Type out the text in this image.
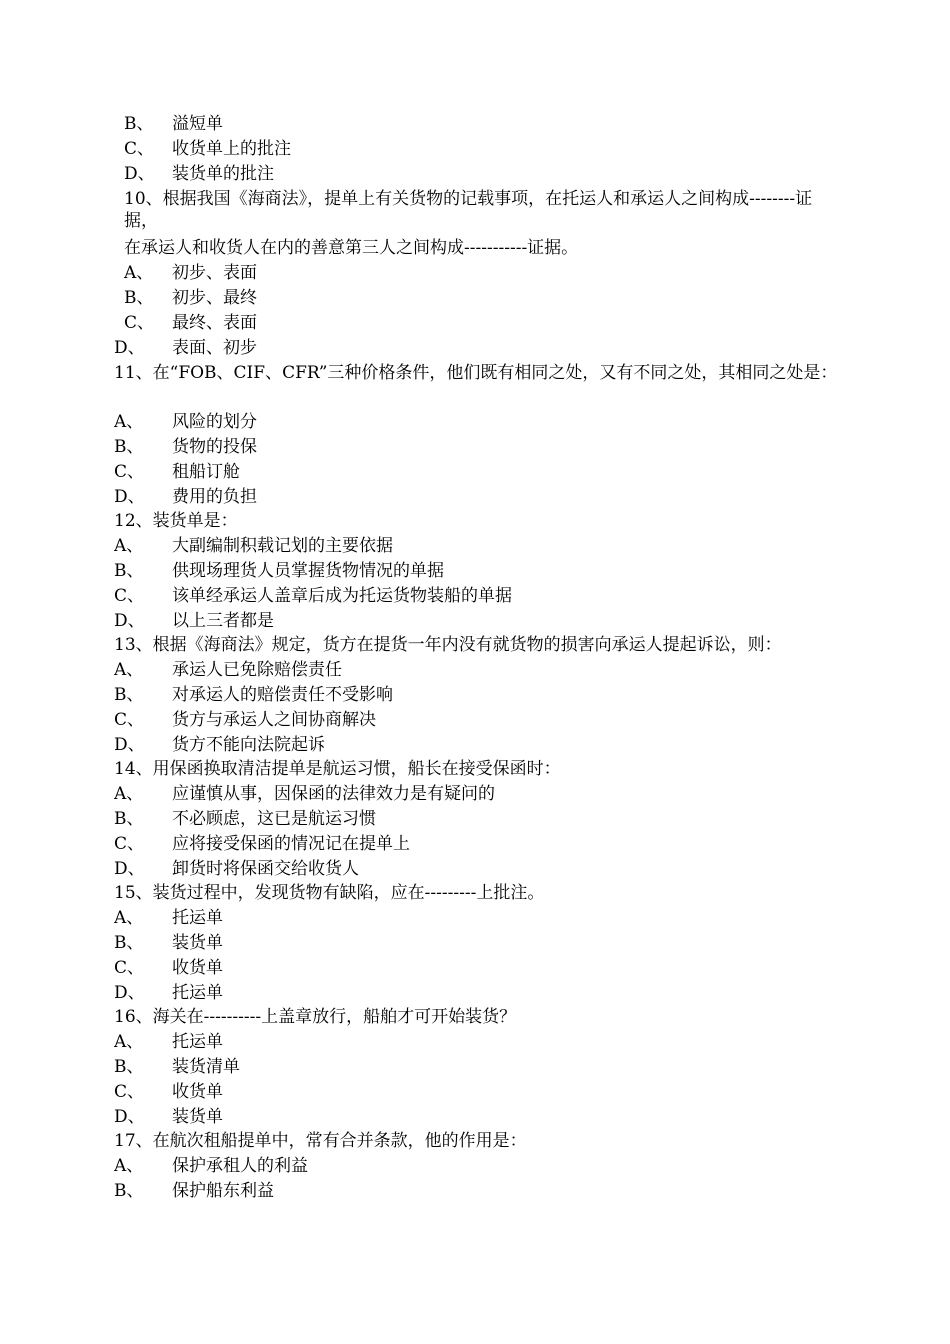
B、 溢短单
C、 收货单上的批注
D、 装货单的批注
10、根据我国《海商法》，提单上有关货物的记载事项，在托运人和承运人之间构成--------证据，
在承运人和收货人在内的善意第三人之间构成-----------证据。
A、 初步、表面
B、 初步、最终
C、 最终、表面
D、 表面、初步
11、在“FOB、CIF、CFR”三种价格条件，他们既有相同之处，又有不同之处，其相同之处是：
A、 风险的划分
B、 货物的投保
C、 租船订舱
D、 费用的负担
12、装货单是：
A、 大副编制积载记划的主要依据
B、 供现场理货人员掌握货物情况的单据
C、 该单经承运人盖章后成为托运货物装船的单据
D、 以上三者都是
13、根据《海商法》规定，货方在提货一年内没有就货物的损害向承运人提起诉讼，则：
A、 承运人已免除赔偿责任
B、 对承运人的赔偿责任不受影响
C、 货方与承运人之间协商解决
D、 货方不能向法院起诉
14、用保函换取清洁提单是航运习惯，船长在接受保函时：
A、 应谨慎从事，因保函的法律效力是有疑问的
B、 不必顾虑，这已是航运习惯
C、 应将接受保函的情况记在提单上
D、 卸货时将保函交给收货人
15、装货过程中，发现货物有缺陷，应在---------上批注。
A、 托运单
B、 装货单
C、 收货单
D、 托运单
16、海关在----------上盖章放行，船舶才可开始装货？
A、 托运单
B、 装货清单
C、 收货单
D、 装货单
17、在航次租船提单中，常有合并条款，他的作用是：
A、 保护承租人的利益
B、 保护船东利益
